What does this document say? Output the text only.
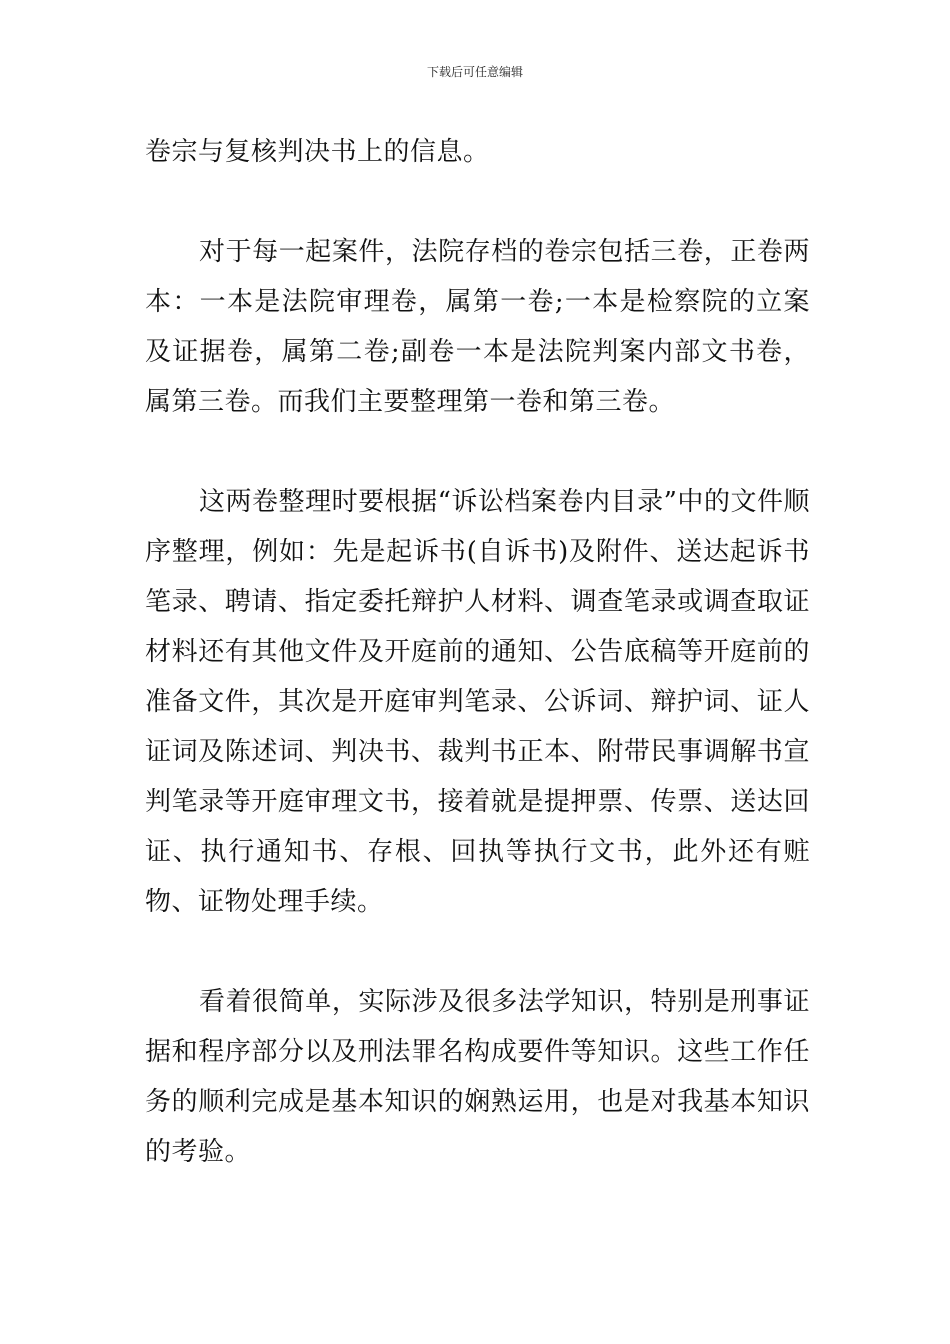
下载后可任意编辑

卷宗与复核判决书上的信息。

对于每一起案件，法院存档的卷宗包括三卷，正卷两本：一本是法院审理卷，属第一卷;一本是检察院的立案及证据卷，属第二卷;副卷一本是法院判案内部文书卷，属第三卷。而我们主要整理第一卷和第三卷。

这两卷整理时要根据“诉讼档案卷内目录”中的文件顺序整理，例如：先是起诉书(自诉书)及附件、送达起诉书笔录、聘请、指定委托辩护人材料、调查笔录或调查取证材料还有其他文件及开庭前的通知、公告底稿等开庭前的准备文件，其次是开庭审判笔录、公诉词、辩护词、证人证词及陈述词、判决书、裁判书正本、附带民事调解书宣判笔录等开庭审理文书，接着就是提押票、传票、送达回证、执行通知书、存根、回执等执行文书，此外还有赃物、证物处理手续。

看着很简单，实际涉及很多法学知识，特别是刑事证据和程序部分以及刑法罪名构成要件等知识。这些工作任务的顺利完成是基本知识的娴熟运用，也是对我基本知识的考验。
